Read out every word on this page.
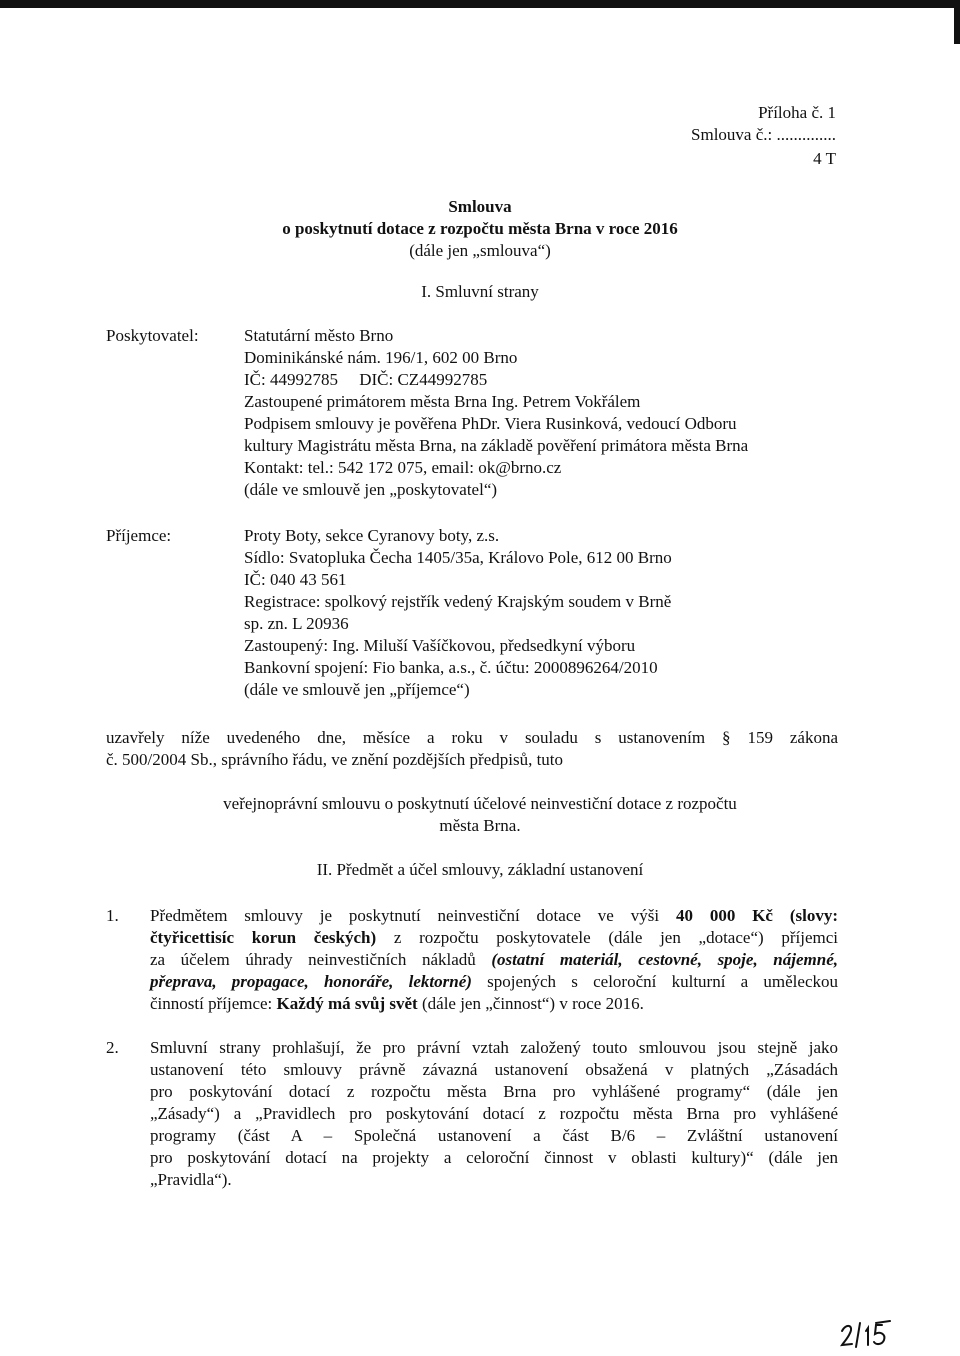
Příloha č. 1
Smlouva č.: ..............
4 T
Smlouva
o poskytnutí dotace z rozpočtu města Brna v roce 2016
(dále jen „smlouva“)
I. Smluvní strany
Poskytovatel:	Statutární město Brno
Dominikánské nám. 196/1, 602 00 Brno
IČ: 44992785     DIČ: CZ44992785
Zastoupené primátorem města Brna Ing. Petrem Vokřálem
Podpisem smlouvy je pověřena PhDr. Viera Rusinková, vedoucí Odboru
kultury Magistrátu města Brna, na základě pověření primátora města Brna
Kontakt: tel.: 542 172 075, email: ok@brno.cz
(dále ve smlouvě jen „poskytovatel“)
Příjemce:	Proty Boty, sekce Cyranovy boty, z.s.
Sídlo: Svatopluka Čecha 1405/35a, Královo Pole, 612 00 Brno
IČ: 040 43 561
Registrace: spolkový rejstřík vedený Krajským soudem v Brně
sp. zn. L 20936
Zastoupený: Ing. Miluší Vašíčkovou, předsedkyní výboru
Bankovní spojení: Fio banka, a.s., č. účtu: 2000896264/2010
(dále ve smlouvě jen „příjemce“)
uzavřely níže uvedeného dne, měsíce a roku v souladu s ustanovením § 159 zákona
č. 500/2004 Sb., správního řádu, ve znění pozdějších předpisů, tuto
veřejnoprávní smlouvu o poskytnutí účelové neinvestiční dotace z rozpočtu
města Brna.
II. Předmět a účel smlouvy, základní ustanovení
1. Předmětem smlouvy je poskytnutí neinvestiční dotace ve výši 40 000 Kč (slovy:
čtyřicettisíc korun českých) z rozpočtu poskytovatele (dále jen „dotace“) příjemci
za účelem úhrady neinvestičních nákladů (ostatní materiál, cestovné, spoje, nájemné,
přeprava, propagace, honoráře, lektorné) spojených s celoroční kulturní a uměleckou
činností příjemce: Každý má svůj svět (dále jen „činnost“) v roce 2016.
2. Smluvní strany prohlašují, že pro právní vztah založený touto smlouvou jsou stejně jako
ustanovení této smlouvy právně závazná ustanovení obsažená v platných „Zásadách
pro poskytování dotací z rozpočtu města Brna pro vyhlášené programy“ (dále jen
„Zásady“) a „Pravidlech pro poskytování dotací z rozpočtu města Brna pro vyhlášené
programy (část A – Společná ustanovení a část B/6 – Zvláštní ustanovení
pro poskytování dotací na projekty a celoroční činnost v oblasti kultury)“ (dále jen
„Pravidla“).
